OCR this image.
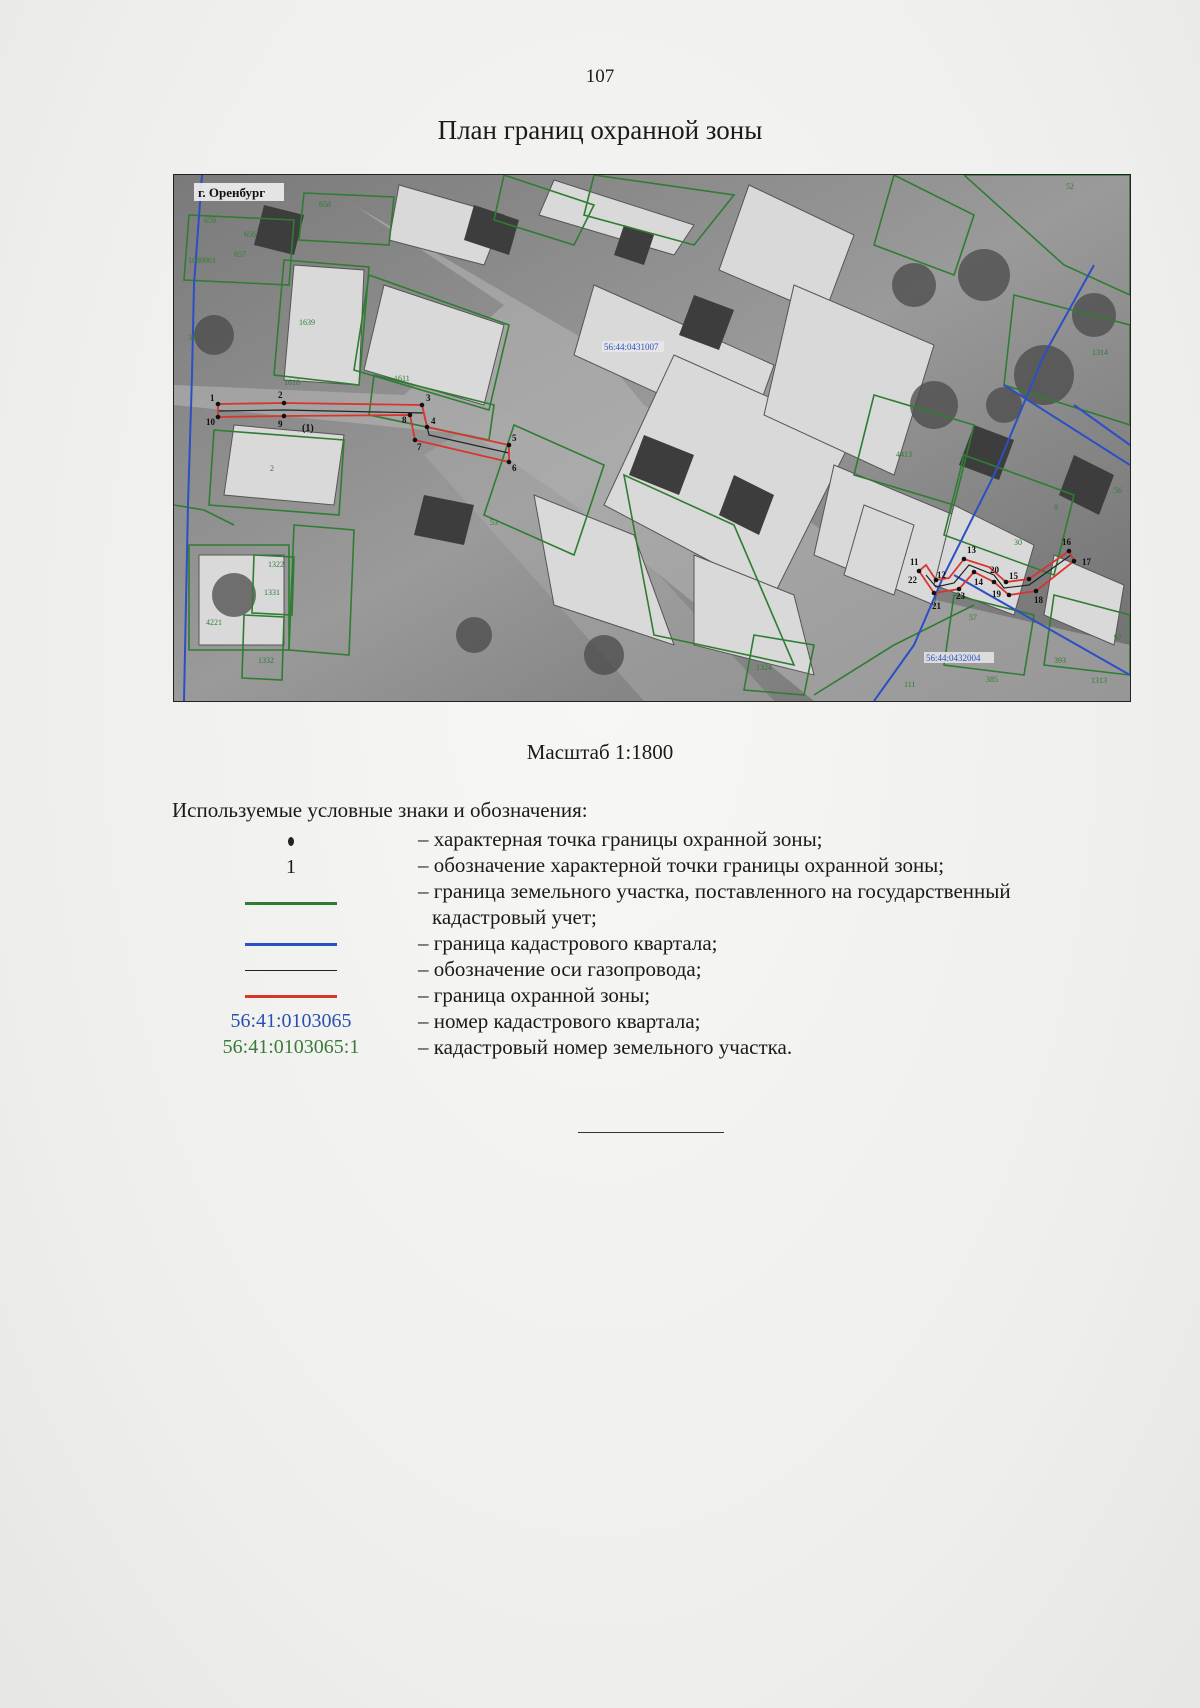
107
План границ охранной зоны
1	2	3
4
5
6
7
8
9
10
11
12
13
14
15
16
17
18
19
20
21
22
23
(1)
г. Оренбург
56:44:0431007
56:44:0432004
658
659
1080961
656
657
38
1639
1618	1611
2
53
1322
1331
1324
4221
1332
52
1314
4413
30
56
9
57
97
393
111
385	1313
Масштаб 1:1800
Используемые условные знаки и обозначения:
– характерная точка границы охранной зоны;
1	– обозначение характерной точки границы охранной зоны;
– граница земельного участка, поставленного на государственный
кадастровый учет;
– граница кадастрового квартала;
– обозначение оси газопровода;
– граница охранной зоны;
56:41:0103065	– номер кадастрового квартала;
56:41:0103065:1	– кадастровый номер земельного участка.
